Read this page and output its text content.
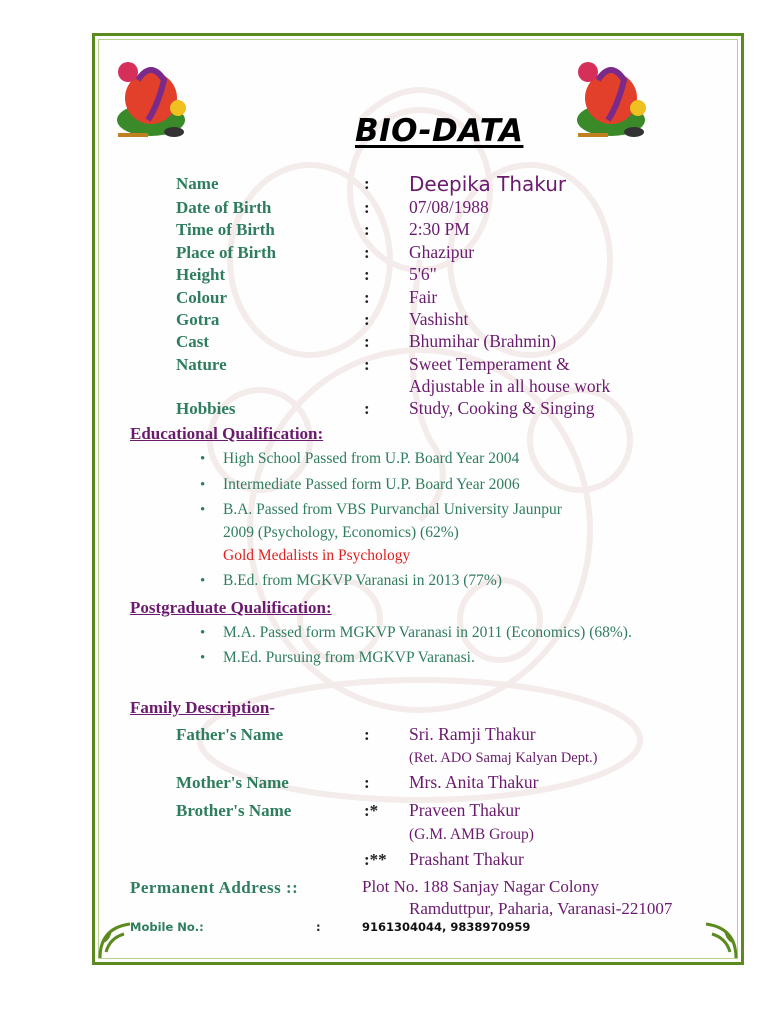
BIO-DATA
Name	: Deepika Thakur
Date of Birth	: 07/08/1988
Time of Birth	: 2:30 PM
Place of Birth	: Ghazipur
Height	: 5'6"
Colour	: Fair
Gotra	: Vashisht
Cast	: Bhumihar (Brahmin)
Nature	: Sweet Temperament &
Adjustable in all house work
Hobbies	: Study, Cooking & Singing
Educational Qualification:
• High School Passed from U.P. Board Year 2004
• Intermediate Passed form U.P. Board Year 2006
• B.A. Passed from VBS Purvanchal University Jaunpur
2009 (Psychology, Economics) (62%)
Gold Medalists in Psychology
• B.Ed. from MGKVP Varanasi in 2013 (77%)
Postgraduate Qualification:
• M.A. Passed form MGKVP Varanasi in 2011 (Economics) (68%).
• M.Ed. Pursuing from MGKVP Varanasi.
Family Description-
Father's Name	: Sri. Ramji Thakur
(Ret. ADO Samaj Kalyan Dept.)
Mother's Name	: Mrs. Anita Thakur
Brother's Name	:* Praveen Thakur
(G.M. AMB Group)
:** Prashant Thakur
Permanent Address ::	Plot No. 188 Sanjay Nagar Colony
Ramduttpur, Paharia, Varanasi-221007
Mobile No.:	:	9161304044, 9838970959
